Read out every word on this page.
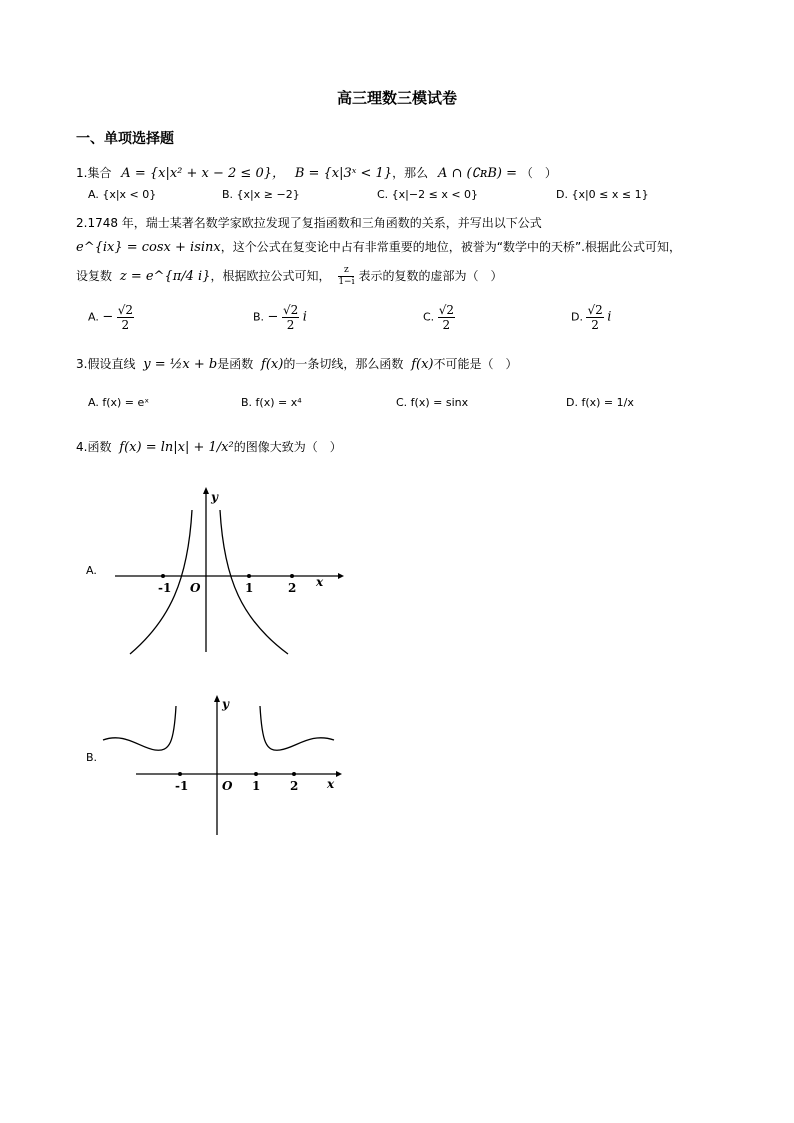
高三理数三模试卷
一、单项选择题
1.集合 A = {x|x² + x − 2 ≤ 0}， B = {x|3ˣ < 1}，那么 A ∩ (∁ʀB) = （　）
A. {x|x < 0}	B. {x|x ≥ −2}	C. {x|−2 ≤ x < 0}	D. {x|0 ≤ x ≤ 1}
2.1748 年，瑞士某著名数学家欧拉发现了复指函数和三角函数的关系，并写出以下公式
e^{ix} = cosx + isinx，这个公式在复变论中占有非常重要的地位，被誉为“数学中的天桥”.根据此公式可知，
设复数 z = e^{π/4 i}，根据欧拉公式可知， $\frac{z}{1-i}$ 表示的复数的虚部为（　）
A. − $\frac{√2}{2}$	B. − $\frac{√2}{2}$ i	C. $\frac{√2}{2}$	D. $\frac{√2}{2}$ i
3.假设直线 y = ½x + b是函数 f(x)的一条切线，那么函数 f(x)不可能是（　）
A. f(x) = eˣ	B. f(x) = x⁴	C. f(x) = sinx	D. f(x) = 1/x
4.函数 f(x) = ln|x| + 1/x²的图像大致为（　）
A.
-1 O	1	2 x
y
B.
-1	O 1 2 x
y
